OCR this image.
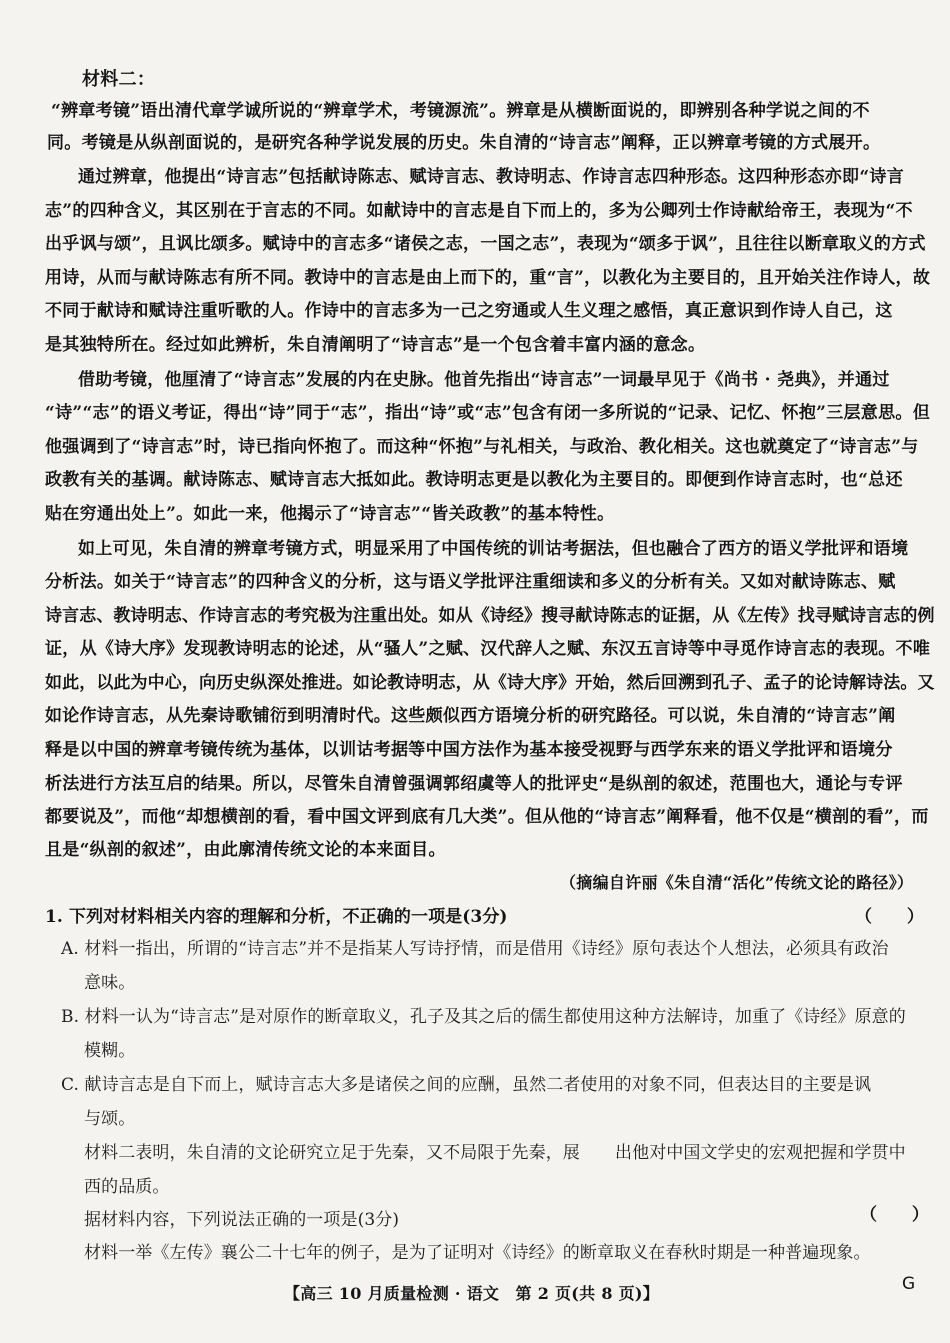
材料二：
“辨章考镜”语出清代章学诚所说的“辨章学术，考镜源流”。辨章是从横断面说的，即辨别各种学说之间的不
同。考镜是从纵剖面说的，是研究各种学说发展的历史。朱自清的“诗言志”阐释，正以辨章考镜的方式展开。
通过辨章，他提出“诗言志”包括献诗陈志、赋诗言志、教诗明志、作诗言志四种形态。这四种形态亦即“诗言
志”的四种含义，其区别在于言志的不同。如献诗中的言志是自下而上的，多为公卿列士作诗献给帝王，表现为“不
出乎讽与颂”，且讽比颂多。赋诗中的言志多“诸侯之志，一国之志”，表现为“颂多于讽”，且往往以断章取义的方式
用诗，从而与献诗陈志有所不同。教诗中的言志是由上而下的，重“言”，以教化为主要目的，且开始关注作诗人，故
不同于献诗和赋诗注重听歌的人。作诗中的言志多为一己之穷通或人生义理之感悟，真正意识到作诗人自己，这
是其独特所在。经过如此辨析，朱自清阐明了“诗言志”是一个包含着丰富内涵的意念。
借助考镜，他厘清了“诗言志”发展的内在史脉。他首先指出“诗言志”一词最早见于《尚书 · 尧典》，并通过
“诗”“志”的语义考证，得出“诗”同于“志”，指出“诗”或“志”包含有闭一多所说的“记录、记忆、怀抱”三层意思。但
他强调到了“诗言志”时，诗已指向怀抱了。而这种“怀抱”与礼相关，与政治、教化相关。这也就奠定了“诗言志”与
政教有关的基调。献诗陈志、赋诗言志大抵如此。教诗明志更是以教化为主要目的。即便到作诗言志时，也“总还
贴在穷通出处上”。如此一来，他揭示了“诗言志”“皆关政教”的基本特性。
如上可见，朱自清的辨章考镜方式，明显采用了中国传统的训诂考据法，但也融合了西方的语义学批评和语境
分析法。如关于“诗言志”的四种含义的分析，这与语义学批评注重细读和多义的分析有关。又如对献诗陈志、赋
诗言志、教诗明志、作诗言志的考究极为注重出处。如从《诗经》搜寻献诗陈志的证据，从《左传》找寻赋诗言志的例
证，从《诗大序》发现教诗明志的论述，从“骚人”之赋、汉代辞人之赋、东汉五言诗等中寻觅作诗言志的表现。不唯
如此，以此为中心，向历史纵深处推进。如论教诗明志，从《诗大序》开始，然后回溯到孔子、孟子的论诗解诗法。又
如论作诗言志，从先秦诗歌铺衍到明清时代。这些颇似西方语境分析的研究路径。可以说，朱自清的“诗言志”阐
释是以中国的辨章考镜传统为基体，以训诂考据等中国方法作为基本接受视野与西学东来的语义学批评和语境分
析法进行方法互启的结果。所以，尽管朱自清曾强调郭绍虞等人的批评史“是纵剖的叙述，范围也大，通论与专评
都要说及”，而他“却想横剖的看，看中国文评到底有几大类”。但从他的“诗言志”阐释看，他不仅是“横剖的看”，而
且是“纵剖的叙述”，由此廓清传统文论的本来面目。
（摘编自许丽《朱自清“活化”传统文论的路径》）
1. 下列对材料相关内容的理解和分析，不正确的一项是(3分)	（　　）
A. 材料一指出，所谓的“诗言志”并不是指某人写诗抒情，而是借用《诗经》原句表达个人想法，必须具有政治
意味。
B. 材料一认为“诗言志”是对原作的断章取义，孔子及其之后的儒生都使用这种方法解诗，加重了《诗经》原意的
模糊。
C. 献诗言志是自下而上，赋诗言志大多是诸侯之间的应酬，虽然二者使用的对象不同，但表达目的主要是讽
与颂。
材料二表明，朱自清的文论研究立足于先秦，又不局限于先秦，展 出他对中国文学史的宏观把握和学贯中
西的品质。
据材料内容，下列说法正确的一项是(3分)	（　　）
材料一举《左传》襄公二十七年的例子，是为了证明对《诗经》的断章取义在春秋时期是一种普遍现象。
【高三 10 月质量检测 · 语文　第 2 页(共 8 页)】	G
